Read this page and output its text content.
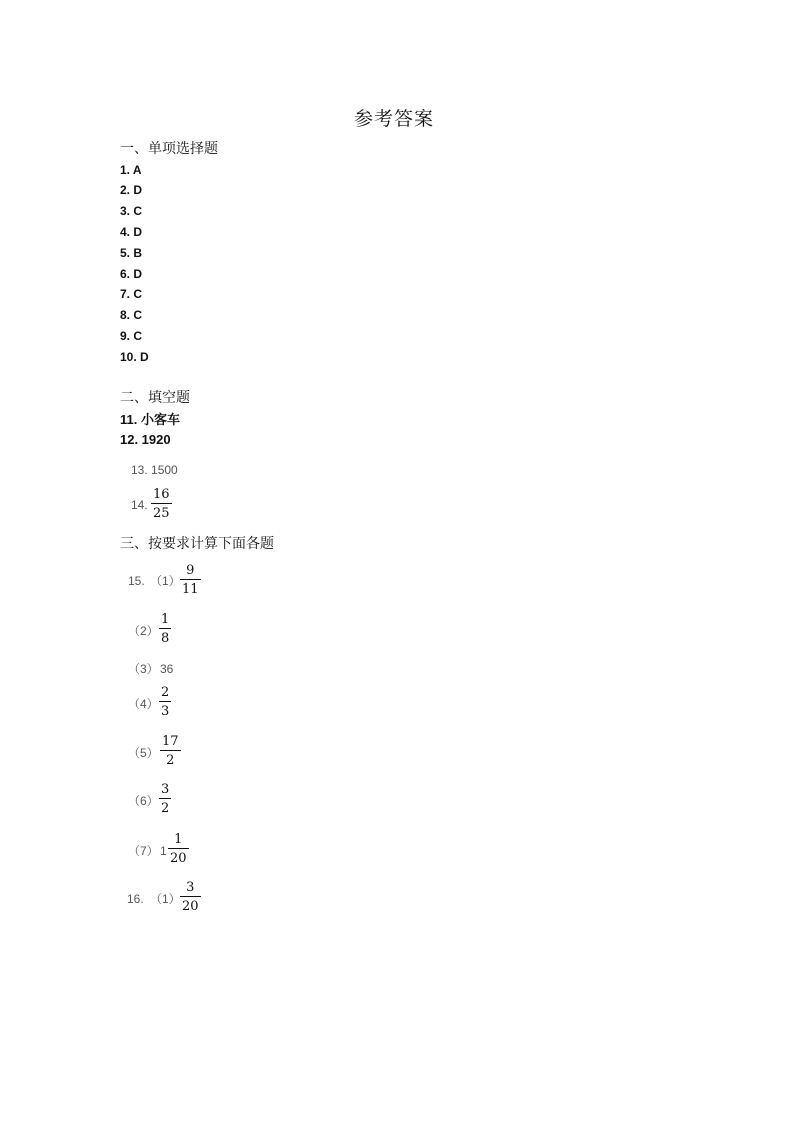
参考答案
一、单项选择题
1. A
2. D
3. C
4. D
5. B
6. D
7. C
8. C
9. C
10. D
二、填空题
11. 小客车
12. 1920
13. 1500
14.
16
25
三、按要求计算下面各题
15. （1）
9
11
（2）
1
8
（3） 36
（4）
2
3
（5）
17
2
（6）
3
2
（7） 1
1
20
16. （1）
3
20
